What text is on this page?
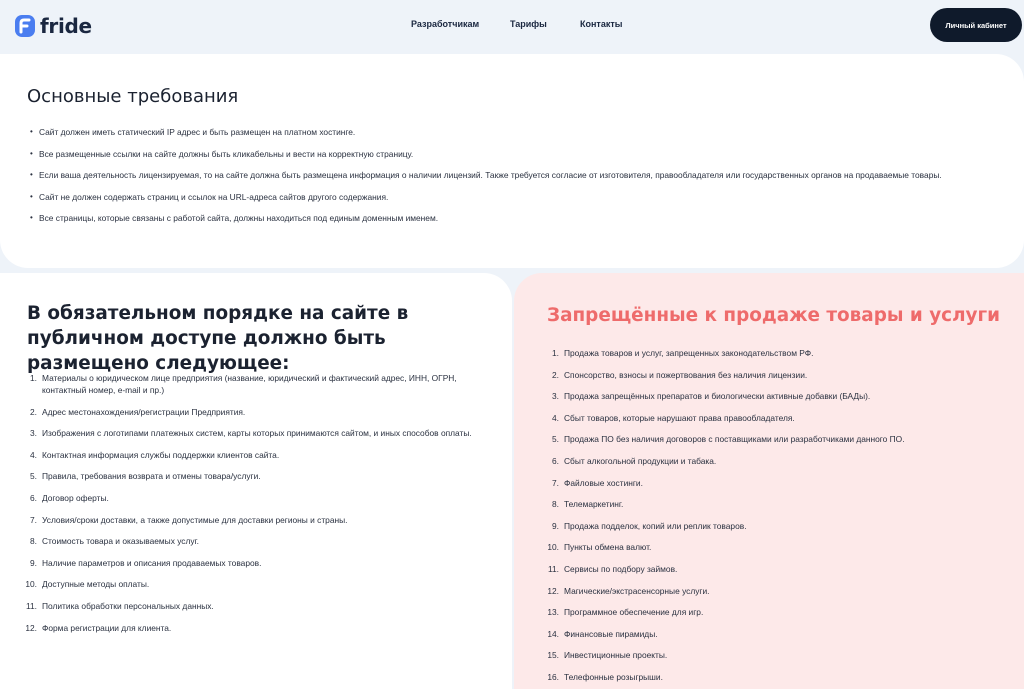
fride	Разработчикам	Тарифы	Контакты	Личный кабинет
Основные требования
• Сайт должен иметь статический IP адрес и быть размещен на платном хостинге.
• Все размещенные ссылки на сайте должны быть кликабельны и вести на корректную страницу.
• Если ваша деятельность лицензируемая, то на сайте должна быть размещена информация о наличии лицензий. Также требуется согласие от изготовителя, правообладателя или государственных органов на продаваемые товары.
• Сайт не должен содержать страниц и ссылок на URL-адреса сайтов другого содержания.
• Все страницы, которые связаны с работой сайта, должны находиться под единым доменным именем.
В обязательном порядке на сайте в публичном доступе должно быть размещено следующее:
1. Материалы о юридическом лице предприятия (название, юридический и фактический адрес, ИНН, ОГРН, контактный номер, e-mail и пр.)
2. Адрес местонахождения/регистрации Предприятия.
3. Изображения с логотипами платежных систем, карты которых принимаются сайтом, и иных способов оплаты.
4. Контактная информация службы поддержки клиентов сайта.
5. Правила, требования возврата и отмены товара/услуги.
6. Договор оферты.
7. Условия/сроки доставки, а также допустимые для доставки регионы и страны.
8. Стоимость товара и оказываемых услуг.
9. Наличие параметров и описания продаваемых товаров.
10. Доступные методы оплаты.
11. Политика обработки персональных данных.
12. Форма регистрации для клиента.
Запрещённые к продаже товары и услуги
1. Продажа товаров и услуг, запрещенных законодательством РФ.
2. Спонсорство, взносы и пожертвования без наличия лицензии.
3. Продажа запрещённых препаратов и биологически активные добавки (БАДы).
4. Сбыт товаров, которые нарушают права правообладателя.
5. Продажа ПО без наличия договоров с поставщиками или разработчиками данного ПО.
6. Сбыт алкогольной продукции и табака.
7. Файловые хостинги.
8. Телемаркетинг.
9. Продажа подделок, копий или реплик товаров.
10. Пункты обмена валют.
11. Сервисы по подбору займов.
12. Магические/экстрасенсорные услуги.
13. Программное обеспечение для игр.
14. Финансовые пирамиды.
15. Инвестиционные проекты.
16. Телефонные розыгрыши.
